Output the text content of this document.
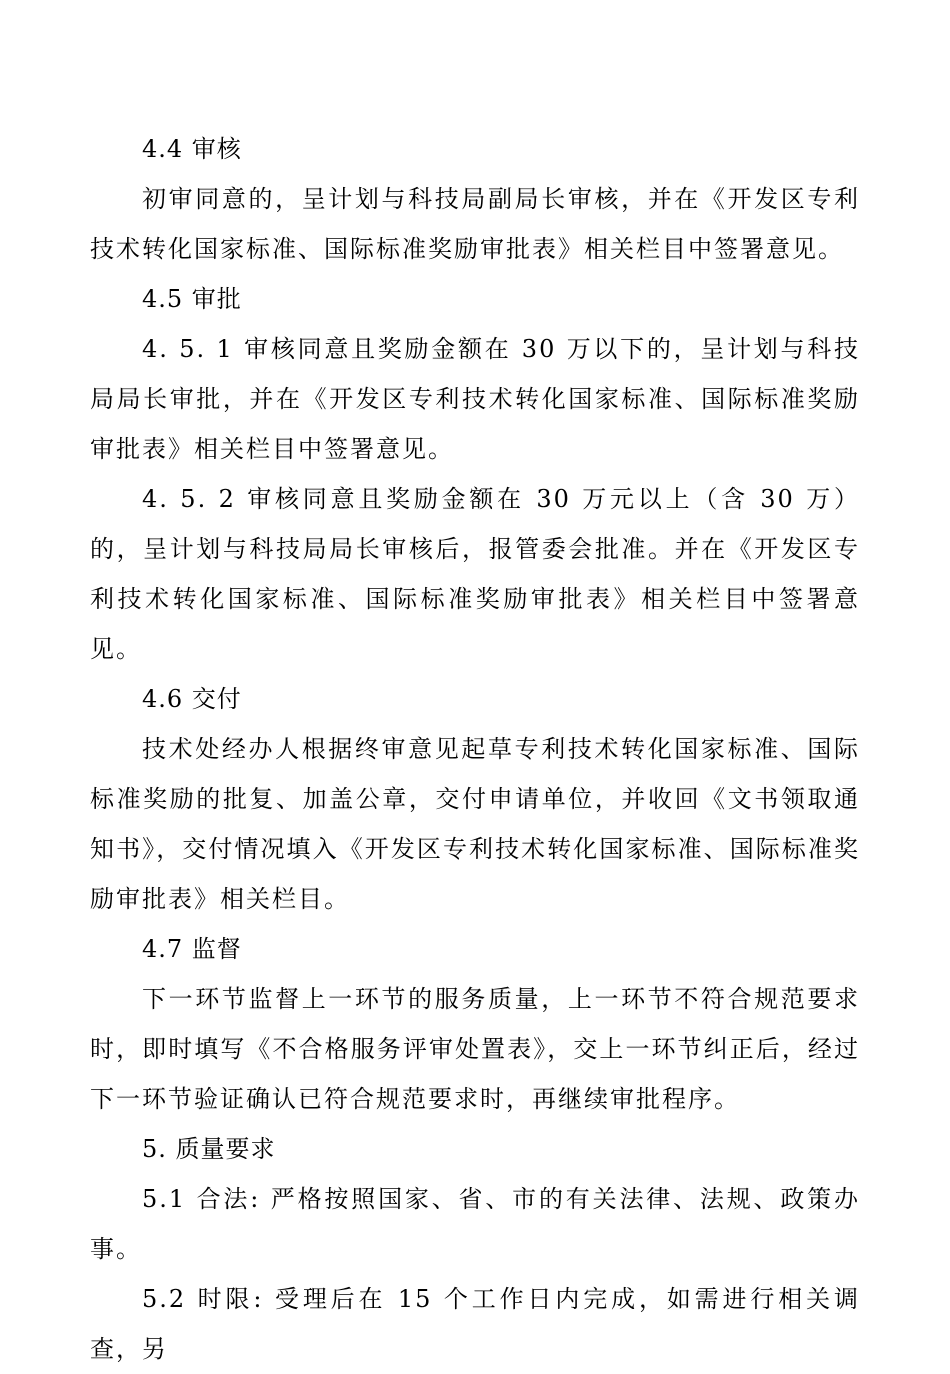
4.4 审核

初审同意的，呈计划与科技局副局长审核，并在《开发区专利技术转化国家标准、国际标准奖励审批表》相关栏目中签署意见。

4.5 审批

4. 5. 1 审核同意且奖励金额在 30 万以下的，呈计划与科技局局长审批，并在《开发区专利技术转化国家标准、国际标准奖励审批表》相关栏目中签署意见。

4. 5. 2 审核同意且奖励金额在 30 万元以上（含 30 万）的，呈计划与科技局局长审核后，报管委会批准。并在《开发区专利技术转化国家标准、国际标准奖励审批表》相关栏目中签署意见。

4.6 交付

技术处经办人根据终审意见起草专利技术转化国家标准、国际标准奖励的批复、加盖公章，交付申请单位，并收回《文书领取通知书》，交付情况填入《开发区专利技术转化国家标准、国际标准奖励审批表》相关栏目。

4.7 监督

下一环节监督上一环节的服务质量，上一环节不符合规范要求时，即时填写《不合格服务评审处置表》，交上一环节纠正后，经过下一环节验证确认已符合规范要求时，再继续审批程序。

5. 质量要求

5.1 合法: 严格按照国家、省、市的有关法律、法规、政策办事。

5.2 时限: 受理后在 15 个工作日内完成，如需进行相关调查，另
